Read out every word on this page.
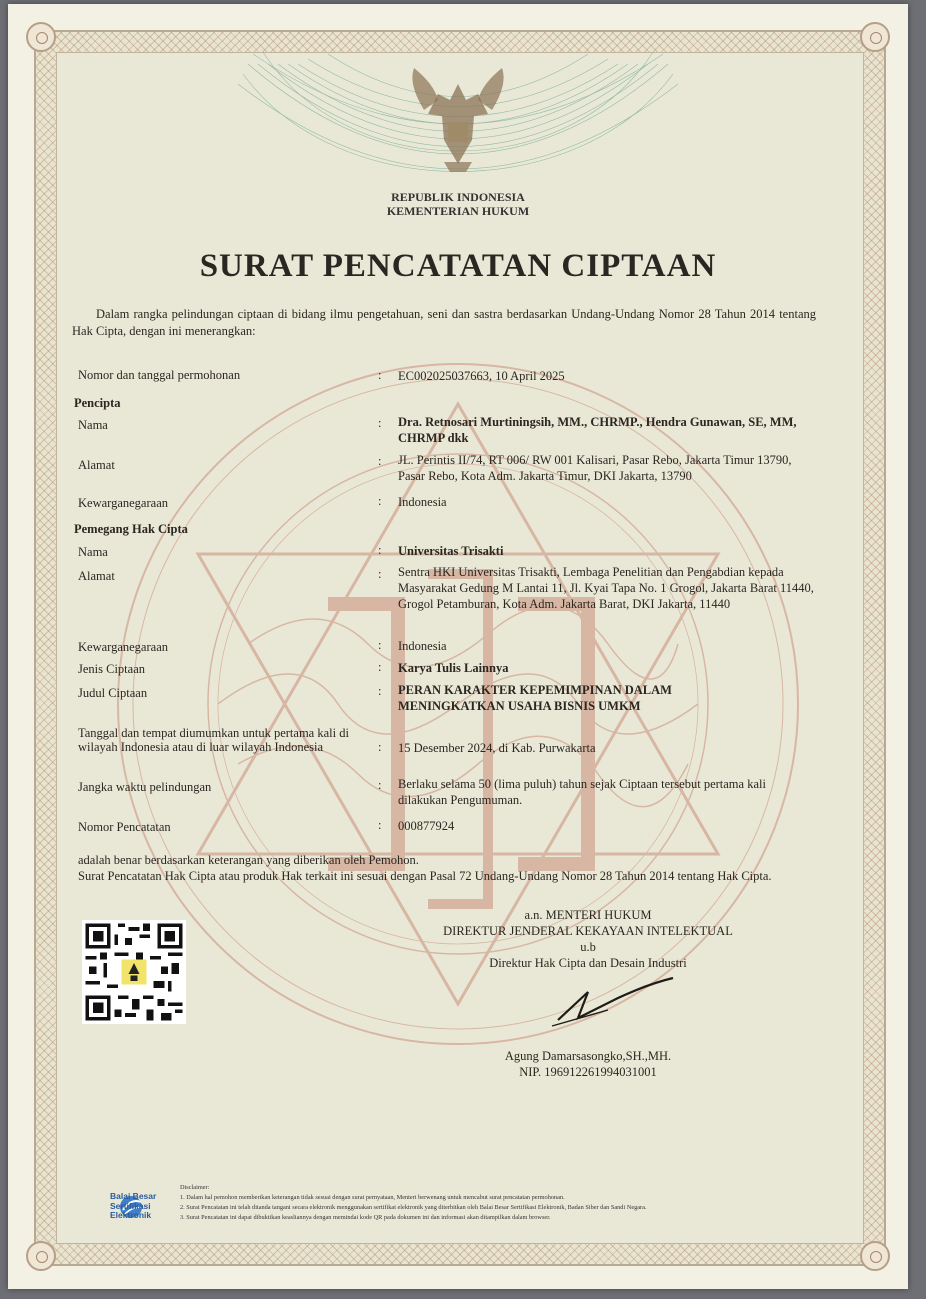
REPUBLIK INDONESIA
KEMENTERIAN HUKUM
SURAT PENCATATAN CIPTAAN
Dalam rangka pelindungan ciptaan di bidang ilmu pengetahuan, seni dan sastra berdasarkan Undang-Undang Nomor 28 Tahun 2014 tentang Hak Cipta, dengan ini menerangkan:
Nomor dan tanggal permohonan	: EC002025037663, 10 April 2025
Pencipta
Nama	: Dra. Retnosari Murtiningsih, MM., CHRMP., Hendra Gunawan, SE, MM, CHRMP dkk
Alamat	: JL. Perintis II/74, RT 006/ RW 001 Kalisari, Pasar Rebo, Jakarta Timur 13790, Pasar Rebo, Kota Adm. Jakarta Timur, DKI Jakarta, 13790
Kewarganegaraan	: Indonesia
Pemegang Hak Cipta
Nama	: Universitas Trisakti
Alamat	: Sentra HKI Universitas Trisakti, Lembaga Penelitian dan Pengabdian kepada Masyarakat Gedung M Lantai 11, Jl. Kyai Tapa No. 1 Grogol, Jakarta Barat 11440, Grogol Petamburan, Kota Adm. Jakarta Barat, DKI Jakarta, 11440
Kewarganegaraan	: Indonesia
Jenis Ciptaan	: Karya Tulis Lainnya
Judul Ciptaan	: PERAN KARAKTER KEPEMIMPINAN DALAM MENINGKATKAN USAHA BISNIS UMKM
Tanggal dan tempat diumumkan untuk pertama kali di wilayah Indonesia atau di luar wilayah Indonesia	: 15 Desember 2024, di Kab. Purwakarta
Jangka waktu pelindungan	: Berlaku selama 50 (lima puluh) tahun sejak Ciptaan tersebut pertama kali dilakukan Pengumuman.
Nomor Pencatatan	: 000877924
adalah benar berdasarkan keterangan yang diberikan oleh Pemohon.
Surat Pencatatan Hak Cipta atau produk Hak terkait ini sesuai dengan Pasal 72 Undang-Undang Nomor 28 Tahun 2014 tentang Hak Cipta.
a.n. MENTERI HUKUM
DIREKTUR JENDERAL KEKAYAAN INTELEKTUAL
u.b
Direktur Hak Cipta dan Desain Industri
Agung Damarsasongko,SH.,MH.
NIP. 196912261994031001
Balai Besar
Sertifikasi
Elektronik
Disclaimer:
1. Dalam hal pemohon memberikan keterangan tidak sesuai dengan surat pernyataan, Menteri berwenang untuk mencabut surat pencatatan permohonan.
2. Surat Pencatatan ini telah ditanda tangani secara elektronik menggunakan sertifikat elektronik yang diterbitkan oleh Balai Besar Sertifikasi Elektronik, Badan Siber dan Sandi Negara.
3. Surat Pencatatan ini dapat dibuktikan keasliannya dengan memindai kode QR pada dokumen ini dan informasi akan ditampilkan dalam browser.
